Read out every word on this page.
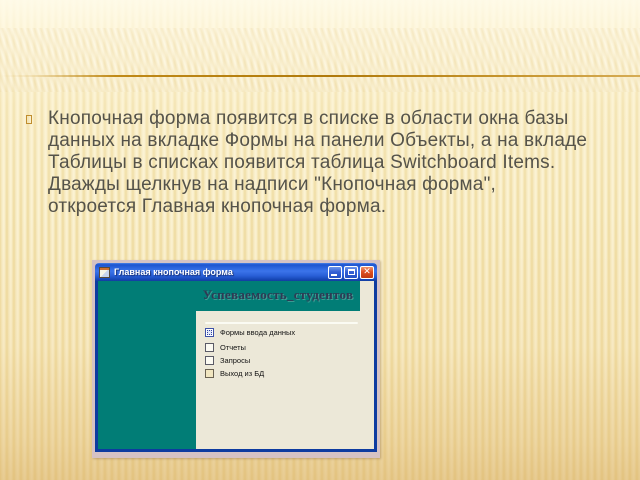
Кнопочная форма появится в списке в области окна базы
данных на вкладке Формы на панели Объекты, а на вкладе
Таблицы в списках появится таблица Switchboard Items.
Дважды щелкнув на надписи "Кнопочная форма",
откроется Главная кнопочная форма.
Главная кнопочная форма	✕
Успеваемость_студентов
Формы ввода данных
Отчеты
Запросы
Выход из БД
